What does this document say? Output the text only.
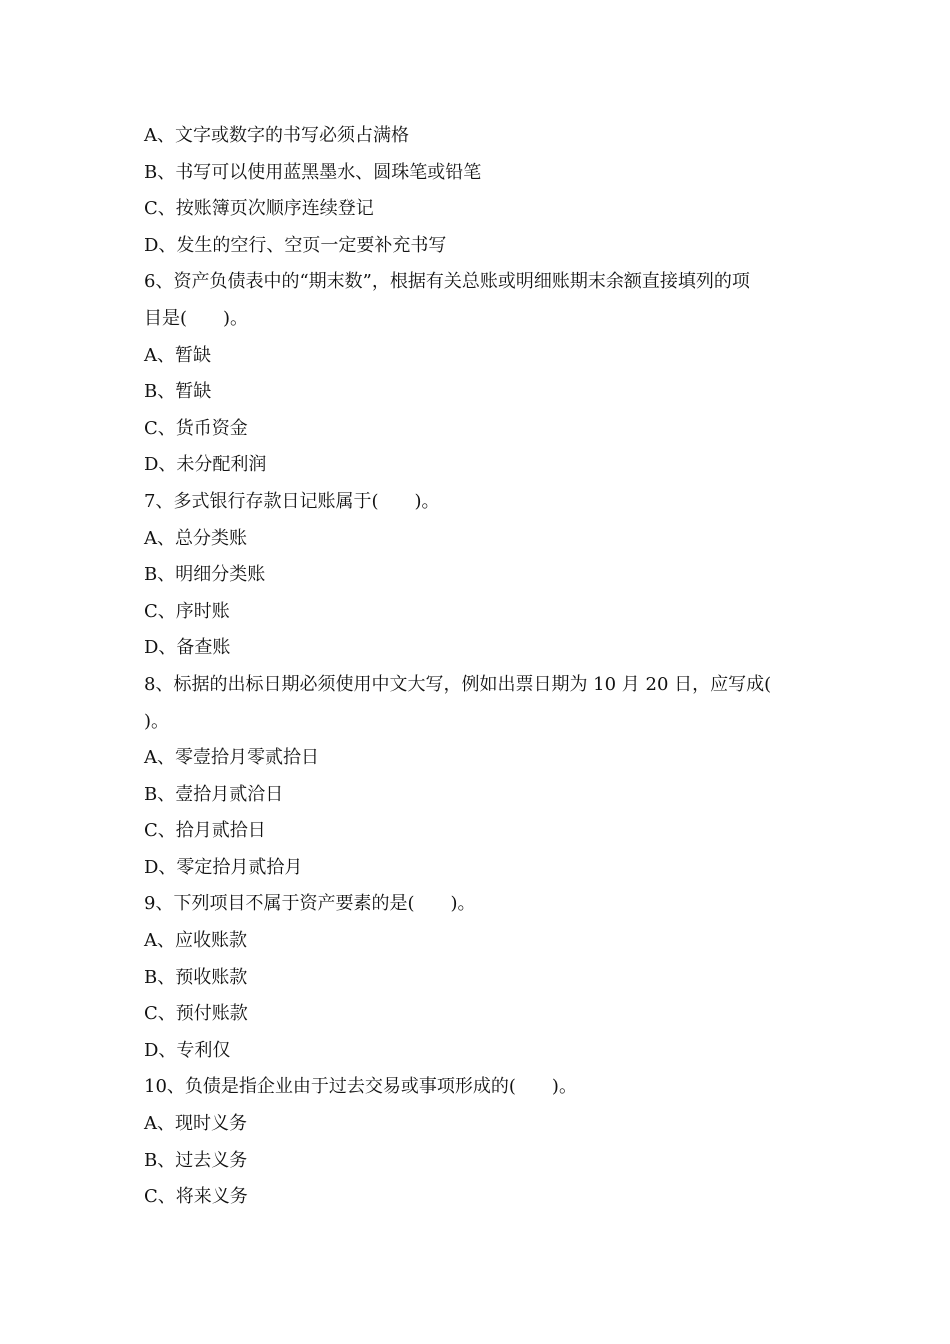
A、文字或数字的书写必须占满格

B、书写可以使用蓝黑墨水、圆珠笔或铅笔

C、按账簿页次顺序连续登记

D、发生的空行、空页一定要补充书写

6、资产负债表中的“期末数”，根据有关总账或明细账期末余额直接填列的项

目是(　　)。

A、暂缺

B、暂缺

C、货币资金

D、未分配利润

7、多式银行存款日记账属于(　　)。

A、总分类账

B、明细分类账

C、序时账

D、备查账

8、标据的出标日期必须使用中文大写，例如出票日期为 10 月 20 日，应写成(

)。

A、零壹拾月零贰拾日

B、壹拾月贰洽日

C、拾月贰拾日

D、零定拾月贰拾月

9、下列项目不属于资产要素的是(　　)。

A、应收账款

B、预收账款

C、预付账款

D、专利仅

10、负债是指企业由于过去交易或事项形成的(　　)。

A、现时义务

B、过去义务

C、将来义务
